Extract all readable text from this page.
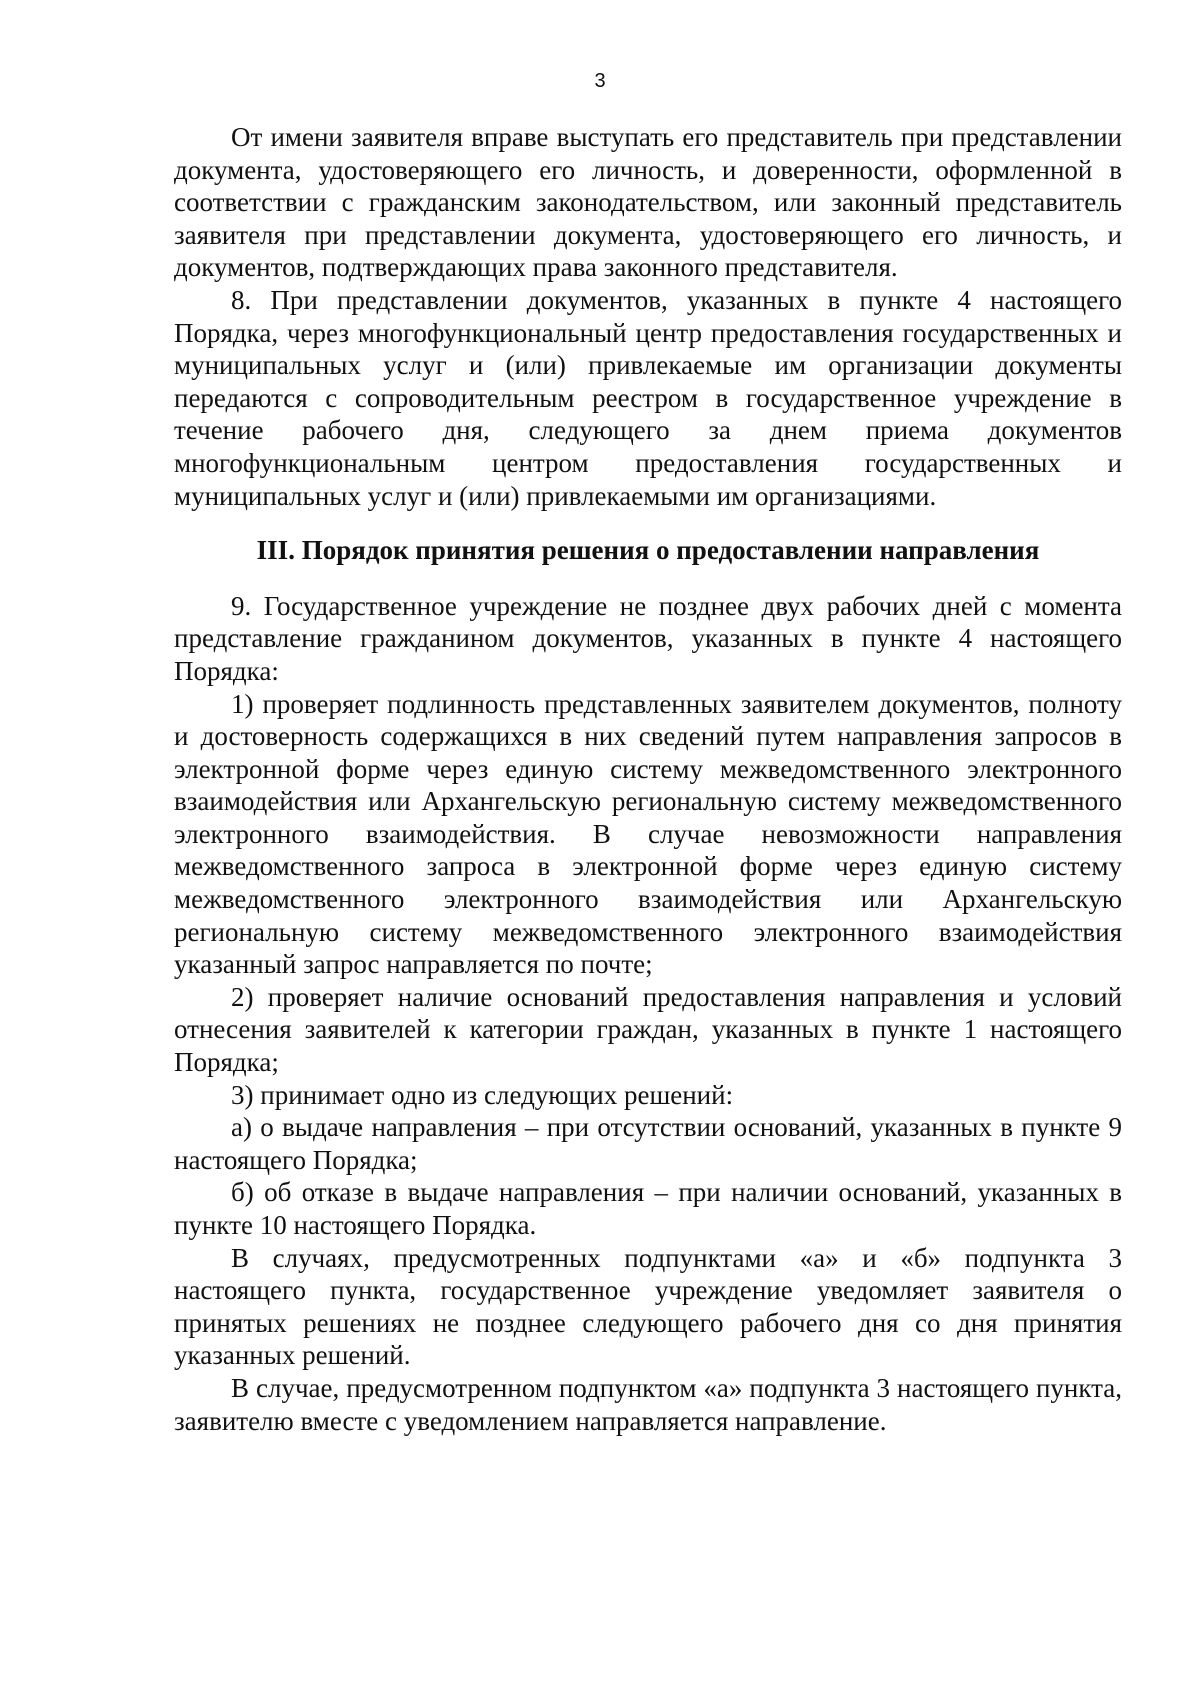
3

От имени заявителя вправе выступать его представитель при представлении документа, удостоверяющего его личность, и доверенности, оформленной в соответствии с гражданским законодательством, или законный представитель заявителя при представлении документа, удостоверяющего его личность, и документов, подтверждающих права законного представителя.

8. При представлении документов, указанных в пункте 4 настоящего Порядка, через многофункциональный центр предоставления государственных и муниципальных услуг и (или) привлекаемые им организации документы передаются с сопроводительным реестром в государственное учреждение в течение рабочего дня, следующего за днем приема документов многофункциональным центром предоставления государственных и муниципальных услуг и (или) привлекаемыми им организациями.

III. Порядок принятия решения о предоставлении направления

9. Государственное учреждение не позднее двух рабочих дней с момента представление гражданином документов, указанных в пункте 4 настоящего Порядка:

1) проверяет подлинность представленных заявителем документов, полноту и достоверность содержащихся в них сведений путем направления запросов в электронной форме через единую систему межведомственного электронного взаимодействия или Архангельскую региональную систему межведомственного электронного взаимодействия. В случае невозможности направления межведомственного запроса в электронной форме через единую систему межведомственного электронного взаимодействия или Архангельскую региональную систему межведомственного электронного взаимодействия указанный запрос направляется по почте;

2) проверяет наличие оснований предоставления направления и условий отнесения заявителей к категории граждан, указанных в пункте 1 настоящего Порядка;

3) принимает одно из следующих решений:

а) о выдаче направления – при отсутствии оснований, указанных в пункте 9 настоящего Порядка;

б) об отказе в выдаче направления – при наличии оснований, указанных в пункте 10 настоящего Порядка.

В случаях, предусмотренных подпунктами «а» и «б» подпункта 3 настоящего пункта, государственное учреждение уведомляет заявителя о принятых решениях не позднее следующего рабочего дня со дня принятия указанных решений.

В случае, предусмотренном подпунктом «а» подпункта 3 настоящего пункта, заявителю вместе с уведомлением направляется направление.
